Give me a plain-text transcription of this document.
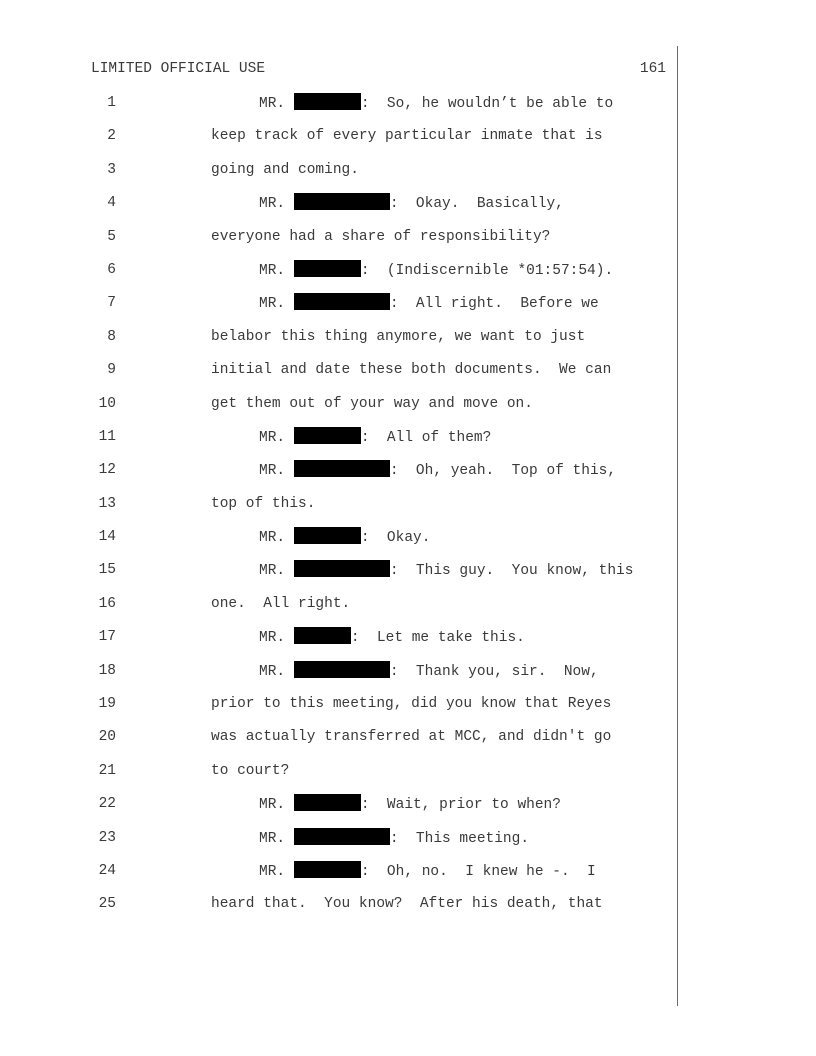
LIMITED OFFICIAL USE	161
1	MR.	:  So, he wouldn’t be able to
2	keep track of every particular inmate that is
3	going and coming.
4	MR.	:  Okay.  Basically,
5	everyone had a share of responsibility?
6	MR.	:  (Indiscernible *01:57:54).
7	MR.	:  All right.  Before we
8	belabor this thing anymore, we want to just
9	initial and date these both documents.  We can
10	get them out of your way and move on.
11	MR.	:  All of them?
12	MR.	:  Oh, yeah.  Top of this,
13	top of this.
14	MR.	:  Okay.
15	MR.	:  This guy.  You know, this
16	one.  All right.
17	MR.	:  Let me take this.
18	MR.	:  Thank you, sir.  Now,
19	prior to this meeting, did you know that Reyes
20	was actually transferred at MCC, and didn't go
21	to court?
22	MR.	:  Wait, prior to when?
23	MR.	:  This meeting.
24	MR.	:  Oh, no.  I knew he -.  I
25	heard that.  You know?  After his death, that
